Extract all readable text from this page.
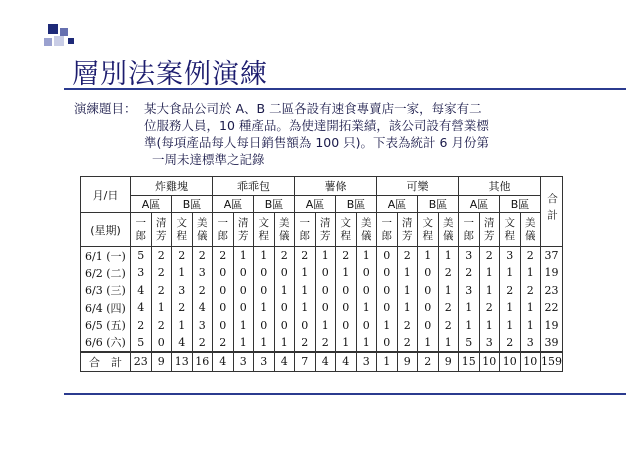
層別法案例演練
演練題目： 某大食品公司於 A、B 二區各設有速食專賣店一家，每家有二
位服務人員，10 種產品。為使達開拓業績，該公司設有營業標
準(每項產品每人每日銷售額為 100 只)。下表為統計 6 月份第
一周未達標準之記錄
月/日	炸雞塊				乖乖包				薯條				可樂				其他				合計
	A區		B區		A區		B區		A區		B區		A區		B區		A區		B區		
(星期)	一郎	清芳	文程	美儀	一郎	清芳	文程	美儀	一郎	清芳	文程	美儀	一郎	清芳	文程	美儀	一郎	清芳	文程	美儀	
6/1 (一)	5	2	2	2	2	1	1	2	2	1	2	1	0	2	1	1	3	2	3	2	37
6/2 (二)	3	2	1	3	0	0	0	0	1	0	1	0	0	1	0	2	2	1	1	1	19
6/3 (三)	4	2	3	2	0	0	0	1	1	0	0	0	0	1	0	1	3	1	2	2	23
6/4 (四)	4	1	2	4	0	0	1	0	1	0	0	1	0	1	0	2	1	2	1	1	22
6/5 (五)	2	2	1	3	0	1	0	0	0	1	0	0	1	2	0	2	1	1	1	1	19
6/6 (六)	5	0	4	2	2	1	1	1	2	2	1	1	0	2	1	1	5	3	2	3	39
合　計	23	9	13	16	4	3	3	4	7	4	4	3	1	9	2	9	15	10	10	10	159
